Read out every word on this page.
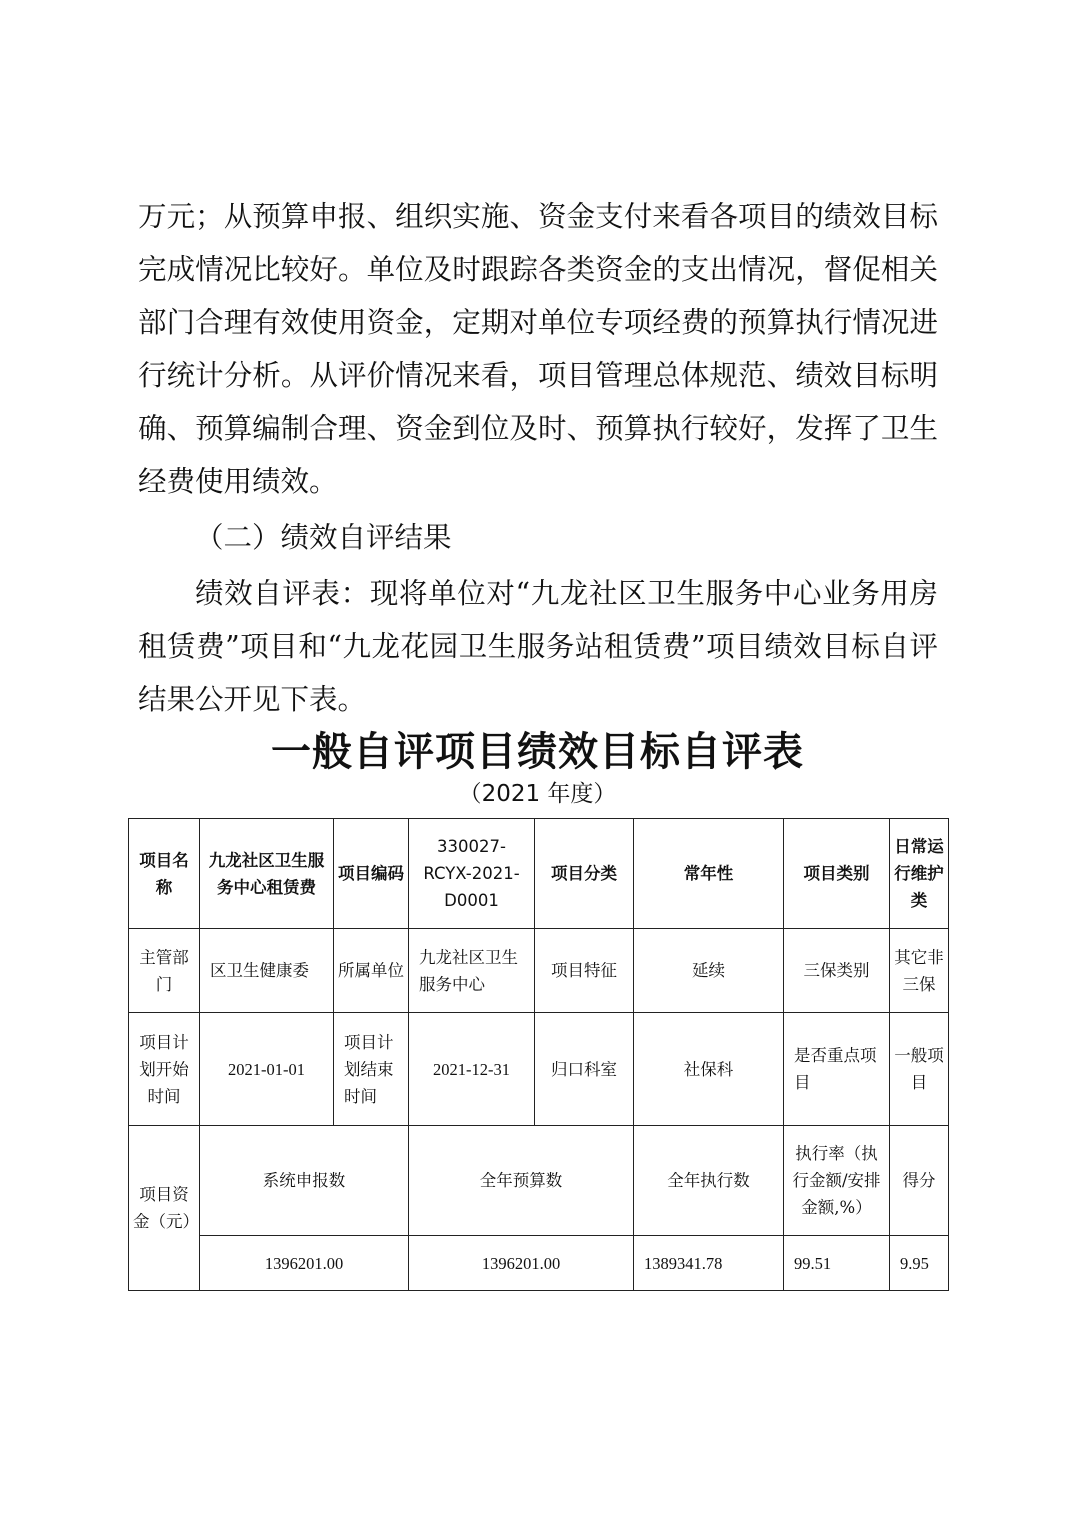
万元；从预算申报、组织实施、资金支付来看各项目的绩效目标完成情况比较好。单位及时跟踪各类资金的支出情况，督促相关部门合理有效使用资金，定期对单位专项经费的预算执行情况进行统计分析。从评价情况来看，项目管理总体规范、绩效目标明确、预算编制合理、资金到位及时、预算执行较好，发挥了卫生经费使用绩效。

（二）绩效自评结果

绩效自评表：现将单位对“九龙社区卫生服务中心业务用房租赁费”项目和“九龙花园卫生服务站租赁费”项目绩效目标自评结果公开见下表。

一般自评项目绩效目标自评表
（2021 年度）
项目名称	九龙社区卫生服务中心租赁费	项目编码	330027-RCYX-2021-D0001	项目分类	常年性	项目类别	日常运行维护类
主管部门	区卫生健康委	所属单位	九龙社区卫生服务中心	项目特征	延续	三保类别	其它非三保
项目计划开始时间	2021-01-01	项目计划结束时间	2021-12-31	归口科室	社保科	是否重点项目	一般项目
项目资金（元）	系统申报数		全年预算数		全年执行数	执行率（执行金额/安排金额,%）	得分
	1396201.00		1396201.00		1389341.78	99.51	9.95
